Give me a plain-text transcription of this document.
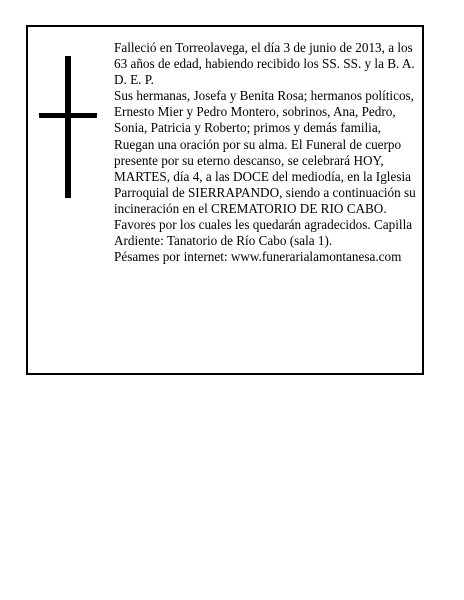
Falleció en Torreolavega, el día 3 de junio de 2013, a los 63 años de edad, habiendo recibido los SS. SS. y la B. A.

D. E. P.

Sus hermanas, Josefa y Benita Rosa; hermanos políticos, Ernesto Mier y Pedro Montero, sobrinos, Ana, Pedro, Sonia, Patricia y Roberto; primos y demás familia,

Ruegan una oración por su alma. El Funeral de cuerpo presente por su eterno descanso, se celebrará HOY, MARTES, día 4, a las DOCE del mediodía, en la Iglesia Parroquial de SIERRAPANDO, siendo a continuación su incineración en el CREMATORIO DE RIO CABO. Favores por los cuales les quedarán agradecidos. Capilla Ardiente: Tanatorio de Río Cabo (sala 1).

Pésames por internet: www.funerarialamontanesa.com
